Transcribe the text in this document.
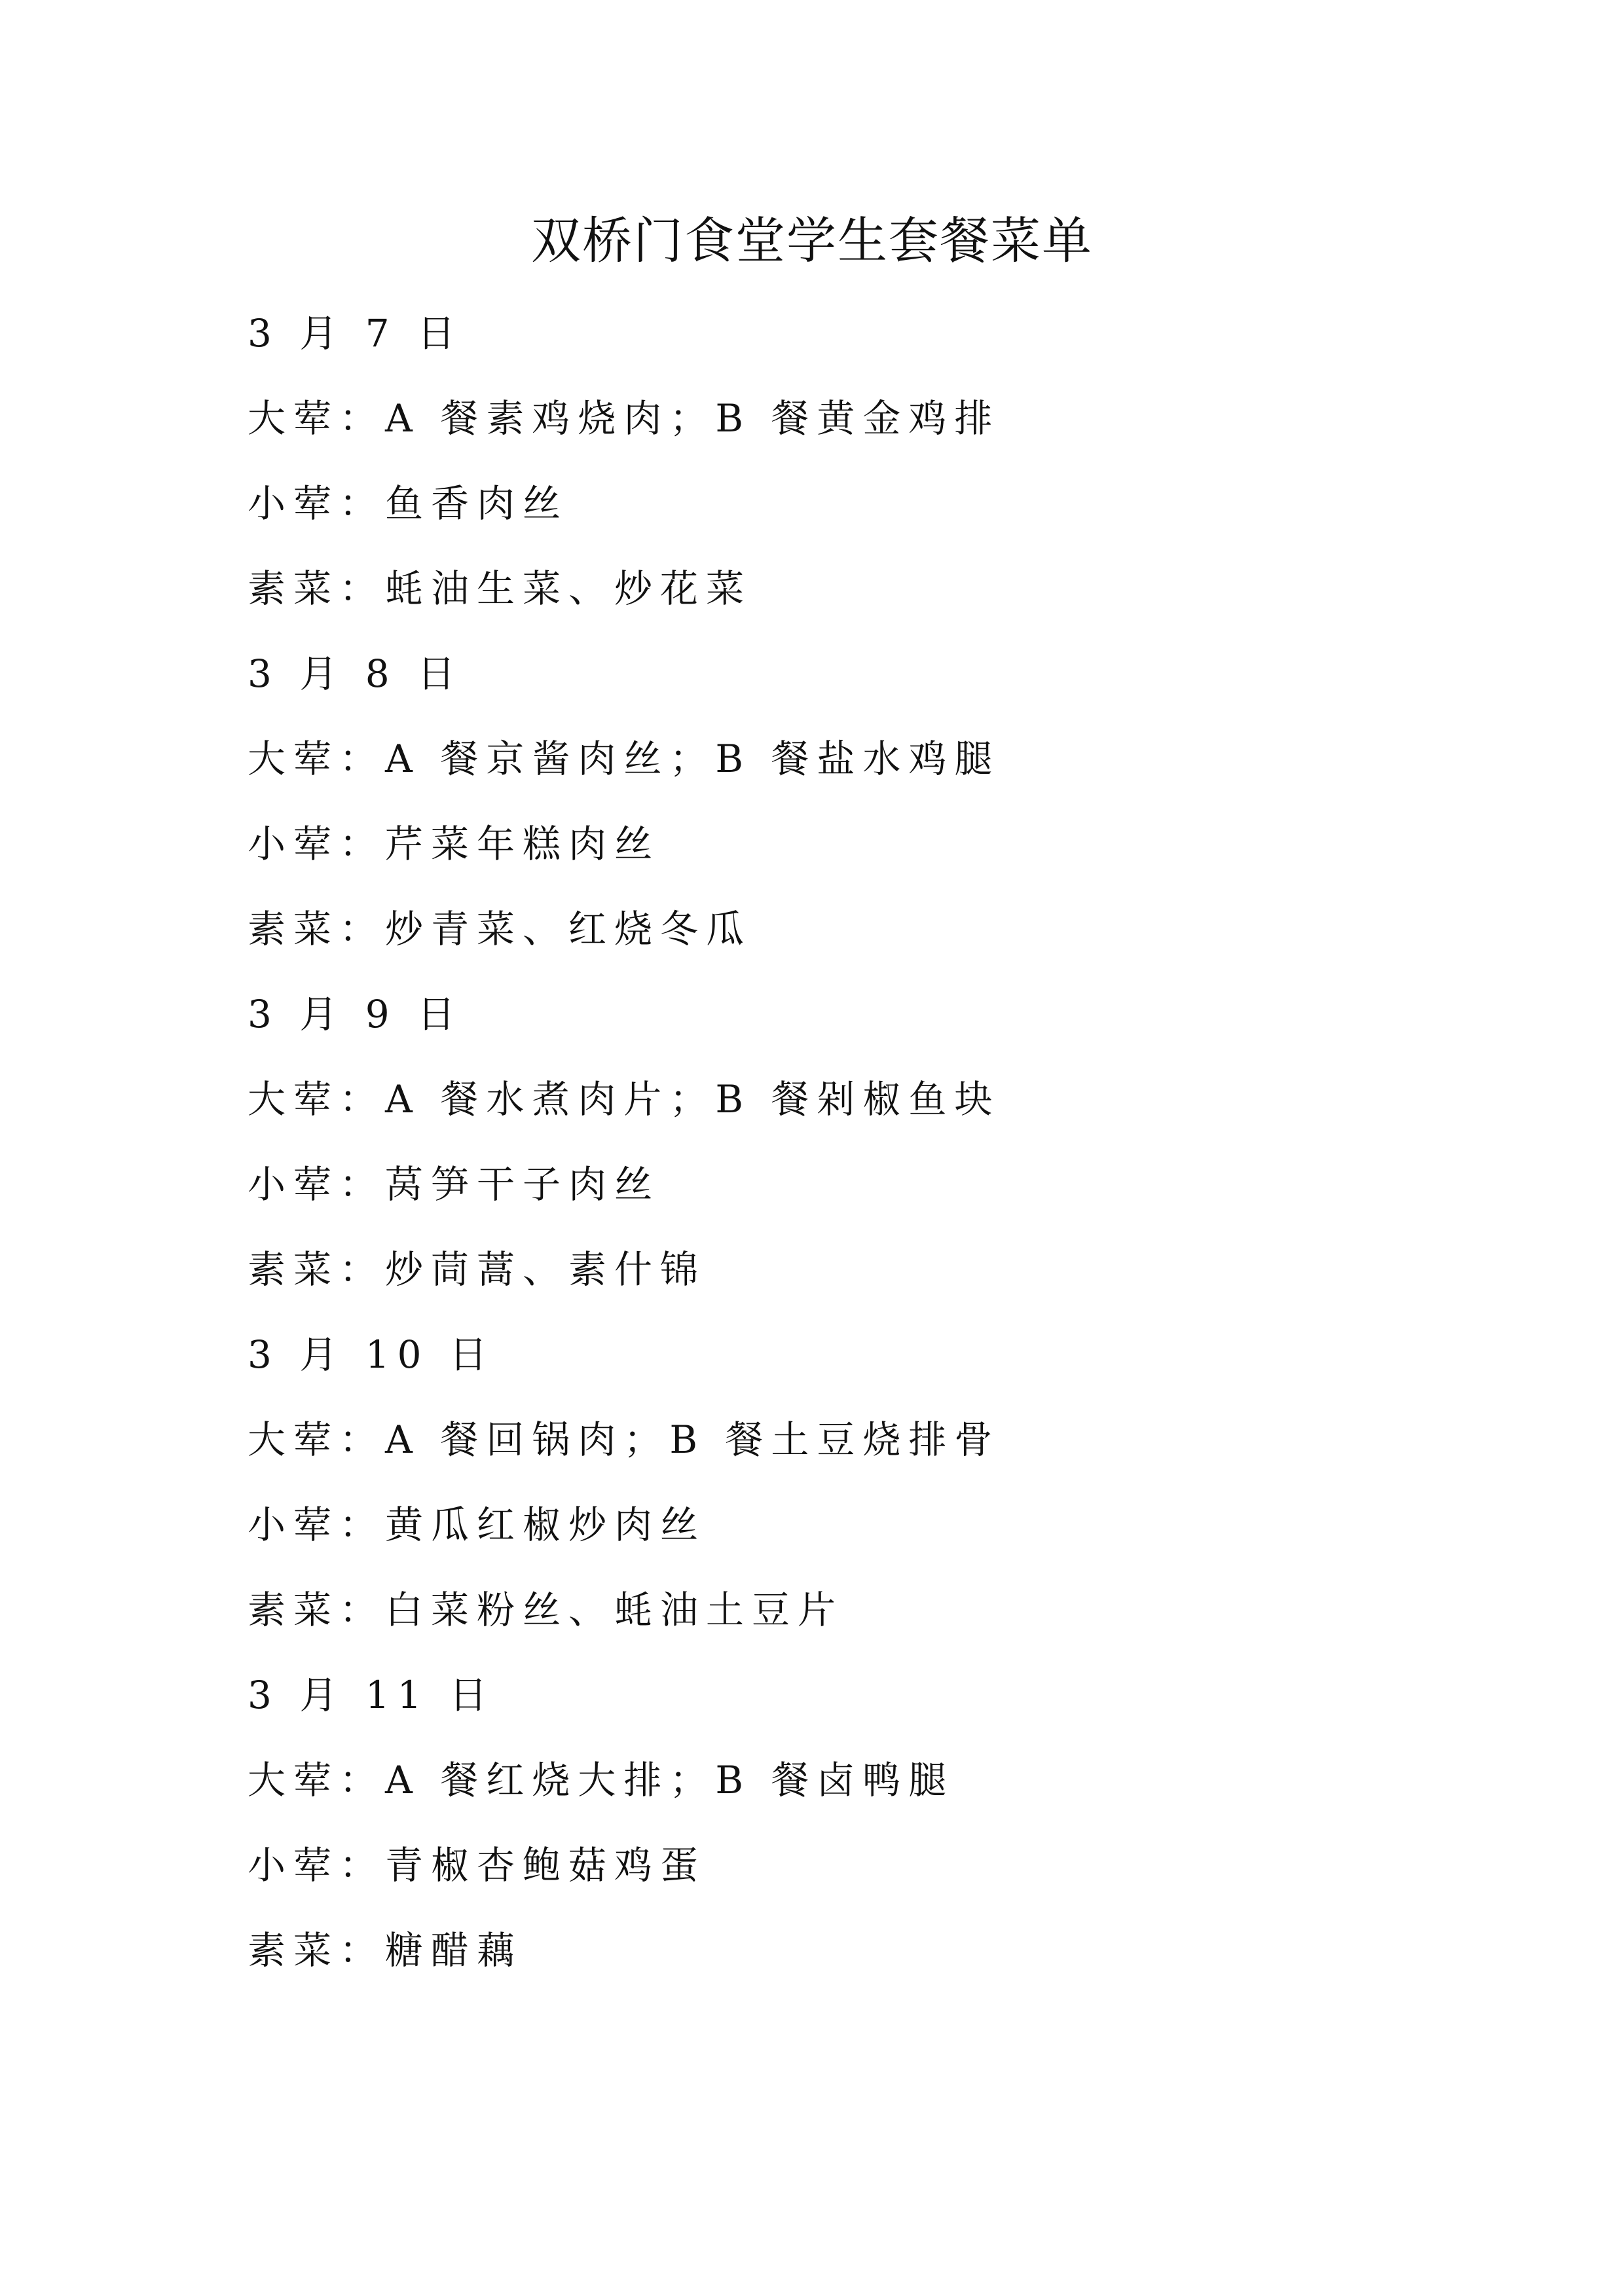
双桥门食堂学生套餐菜单
3 月 7 日
大荤：A 餐素鸡烧肉；B 餐黄金鸡排
小荤：鱼香肉丝
素菜：蚝油生菜、炒花菜
3 月 8 日
大荤：A 餐京酱肉丝；B 餐盐水鸡腿
小荤：芹菜年糕肉丝
素菜：炒青菜、红烧冬瓜
3 月 9 日
大荤：A 餐水煮肉片；B 餐剁椒鱼块
小荤：莴笋干子肉丝
素菜：炒茼蒿、素什锦
3 月 10 日
大荤：A 餐回锅肉；B 餐土豆烧排骨
小荤：黄瓜红椒炒肉丝
素菜：白菜粉丝、蚝油土豆片
3 月 11 日
大荤：A 餐红烧大排；B 餐卤鸭腿
小荤：青椒杏鲍菇鸡蛋
素菜：糖醋藕
